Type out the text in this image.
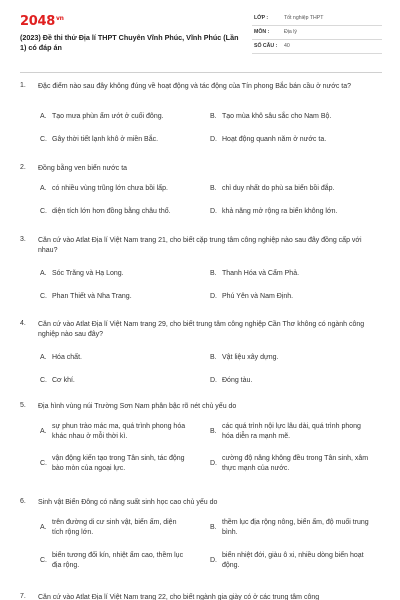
$2048^{vn}$
(2023) Đề thi thử Địa lí THPT Chuyên Vĩnh Phúc, Vĩnh Phúc (Lần 1) có đáp án
LỚP :	Tốt nghiệp THPT
MÔN :	Địa lý
SỐ CÂU : 40
1. Đặc điểm nào sau đây không đúng về hoạt động và tác động của Tín phong Bắc bán cầu ở nước ta?
A. Tạo mưa phùn ẩm ướt ở cuối đông.	B. Tạo mùa khô sâu sắc cho Nam Bộ.
C. Gây thời tiết lạnh khô ở miền Bắc.	D. Hoạt động quanh năm ở nước ta.
2. Đồng bằng ven biển nước ta
A. có nhiều vùng trũng lớn chưa bồi lấp.	B. chỉ duy nhất do phù sa biển bồi đắp.
C. diện tích lớn hơn đồng bằng châu thổ.	D. khả năng mở rộng ra biển không lớn.
3. Căn cứ vào Atlat Địa lí Việt Nam trang 21, cho biết cặp trung tâm công nghiệp nào sau đây đồng cấp với nhau?
A. Sóc Trăng và Hạ Long.	B. Thanh Hóa và Cẩm Phả.
C. Phan Thiết và Nha Trang.	D. Phú Yên và Nam Định.
4. Căn cứ vào Atlat Địa lí Việt Nam trang 29, cho biết trung tâm công nghiệp Cần Thơ không có ngành công nghiệp nào sau đây?
A. Hóa chất.	B. Vật liệu xây dựng.
C. Cơ khí.	D. Đóng tàu.
5. Địa hình vùng núi Trường Sơn Nam phân bậc rõ nét chủ yếu do
A.
sự phun trào mác ma, quá trình phong hóa khác nhau ở mỗi thời kì.
B.
các quá trình nội lực lâu dài, quá trình phong hóa diễn ra mạnh mẽ.
C.
vận động kiến tạo trong Tân sinh, tác động bào mòn của ngoại lực.
D.
cường độ nâng không đều trong Tân sinh, xâm thực mạnh của nước.
6. Sinh vật Biển Đông có năng suất sinh học cao chủ yếu do
A.
trên đường di cư sinh vật, biển ấm, diện tích rộng lớn.
B.
thềm lục địa rộng nông, biển ấm, độ muối trung bình.
C.
biển tương đối kín, nhiệt ẩm cao, thềm lục địa rộng.
D.
biển nhiệt đới, giàu ô xi, nhiều dòng biển hoạt động.
7. Căn cứ vào Atlat Địa lí Việt Nam trang 22, cho biết ngành gia giày có ở các trung tâm công
